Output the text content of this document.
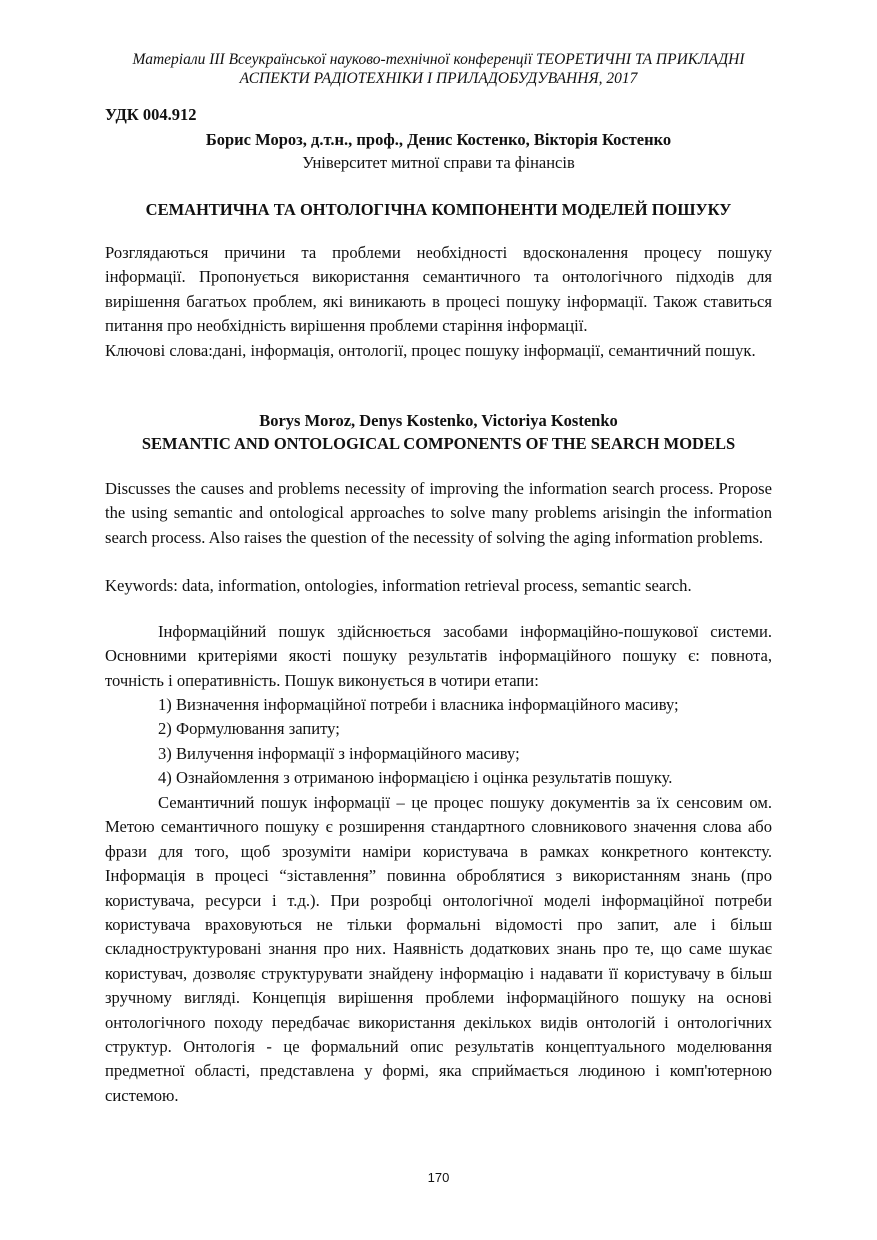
Матеріали ІІІ Всеукраїнської науково-технічної конференції ТЕОРЕТИЧНІ ТА ПРИКЛАДНІ
АСПЕКТИ РАДІОТЕХНІКИ І ПРИЛАДОБУДУВАННЯ, 2017
УДК 004.912
Борис Мороз, д.т.н., проф., Денис Костенко, Вікторія Костенко
Університет митної справи та фінансів
СЕМАНТИЧНА ТА ОНТОЛОГІЧНА КОМПОНЕНТИ МОДЕЛЕЙ ПОШУКУ

Розглядаються причини та проблеми необхідності вдосконалення процесу пошуку інформації. Пропонується використання семантичного та онтологічного підходів для вирішення багатьох проблем, які виникають в процесі пошуку інформації. Також ставиться питання про необхідність вирішення проблеми старіння інформації.

Ключові слова:дані, інформація, онтології, процес пошуку інформації, семантичний пошук.

Borys Moroz, Denys Kostenko, Victoriya Kostenko
SEMANTIC AND ONTOLOGICAL COMPONENTS OF THE SEARCH MODELS

Discusses the causes and problems necessity of improving the information search process. Propose the using semantic and ontological approaches to solve many problems arisingin the information search process. Also raises the question of the necessity of solving the aging information problems.

Keywords: data, information, ontologies, information retrieval process, semantic search.

Інформаційний пошук здійснюється засобами інформаційно-пошукової системи. Основними критеріями якості пошуку результатів інформаційного пошуку є: повнота, точність і оперативність. Пошук виконується в чотири етапи:

1) Визначення інформаційної потреби і власника інформаційного масиву;
2) Формулювання запиту;
3) Вилучення інформації з інформаційного масиву;
4) Ознайомлення з отриманою інформацією і оцінка результатів пошуку.

Семантичний пошук інформації – це процес пошуку документів за їх сенсовим ом. Метою семантичного пошуку є розширення стандартного словникового значення слова або фрази для того, щоб зрозуміти наміри користувача в рамках конкретного контексту. Інформація в процесі “зіставлення” повинна оброблятися з використанням знань (про користувача, ресурси і т.д.). При розробці онтологічної моделі інформаційної потреби користувача враховуються не тільки формальні відомості про запит, але і більш складноструктуровані знання про них. Наявність додаткових знань про те, що саме шукає користувач, дозволяє структурувати знайдену інформацію і надавати її користувачу в більш зручному вигляді. Концепція вирішення проблеми інформаційного пошуку на основі онтологічного походу передбачає використання декількох видів онтологій і онтологічних структур. Онтологія - це формальний опис результатів концептуального моделювання предметної області, представлена у формі, яка сприймається людиною і комп'ютерною системою.

170
